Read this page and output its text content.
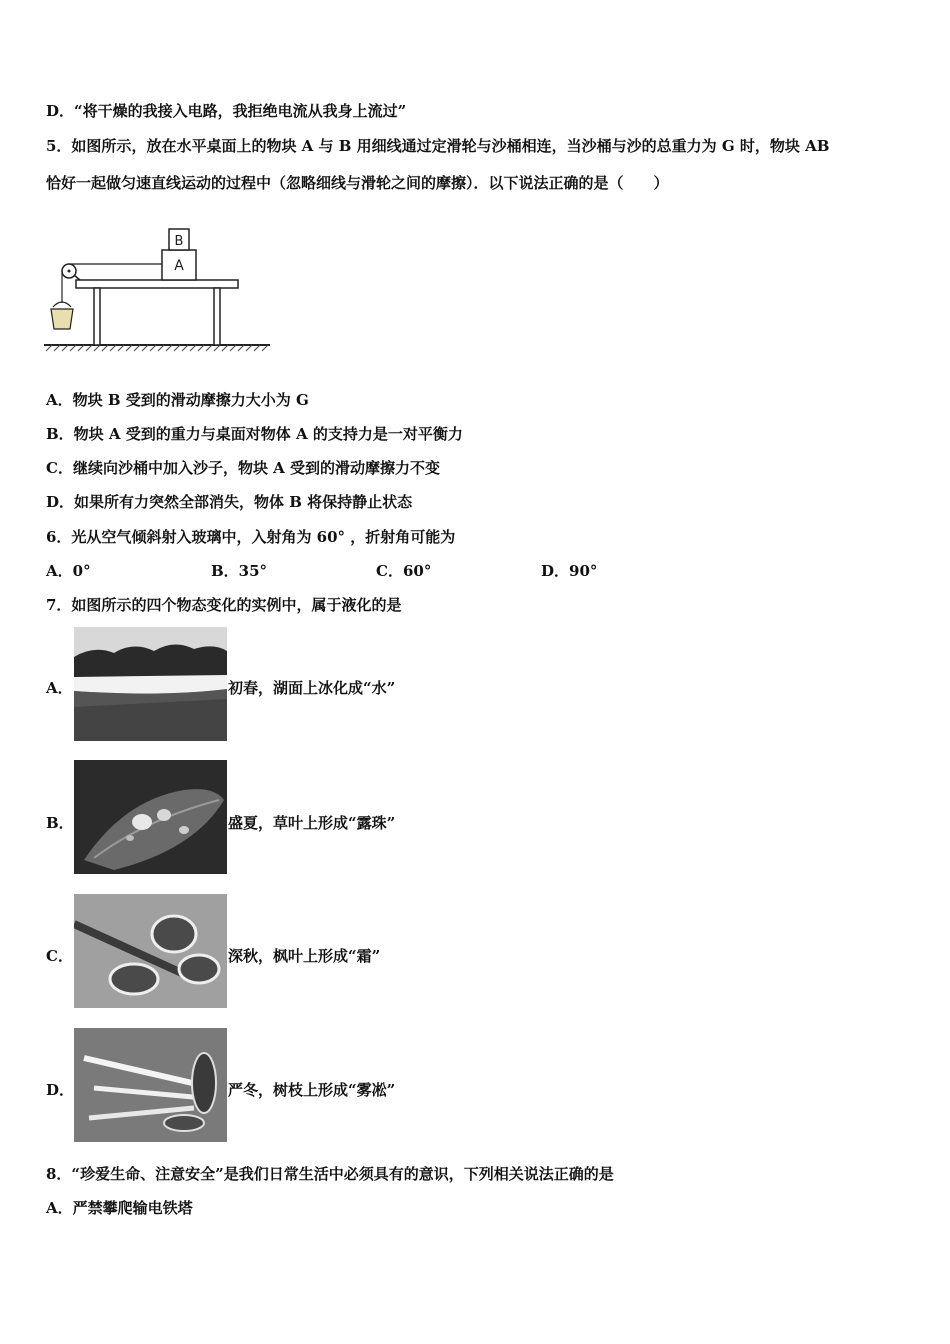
D．“将干燥的我接入电路，我拒绝电流从我身上流过”
5．如图所示，放在水平桌面上的物块 A 与 B 用细线通过定滑轮与沙桶相连，当沙桶与沙的总重力为 G 时，物块 AB
恰好一起做匀速直线运动的过程中（忽略细线与滑轮之间的摩擦）．以下说法正确的是（　　）
A
B
A．物块 B 受到的滑动摩擦力大小为 G
B．物块 A 受到的重力与桌面对物体 A 的支持力是一对平衡力
C．继续向沙桶中加入沙子，物块 A 受到的滑动摩擦力不变
D．如果所有力突然全部消失，物体 B 将保持静止状态
6．光从空气倾斜射入玻璃中，入射角为 60° ，折射角可能为
A．0°	B．35°	C．60°	D．90°
7．如图所示的四个物态变化的实例中，属于液化的是
A．	初春，湖面上冰化成“水”
B．	盛夏，草叶上形成“露珠”
C．	深秋，枫叶上形成“霜”
D．	严冬，树枝上形成“雾凇”
8．“珍爱生命、注意安全”是我们日常生活中必须具有的意识，下列相关说法正确的是
A．严禁攀爬输电铁塔
